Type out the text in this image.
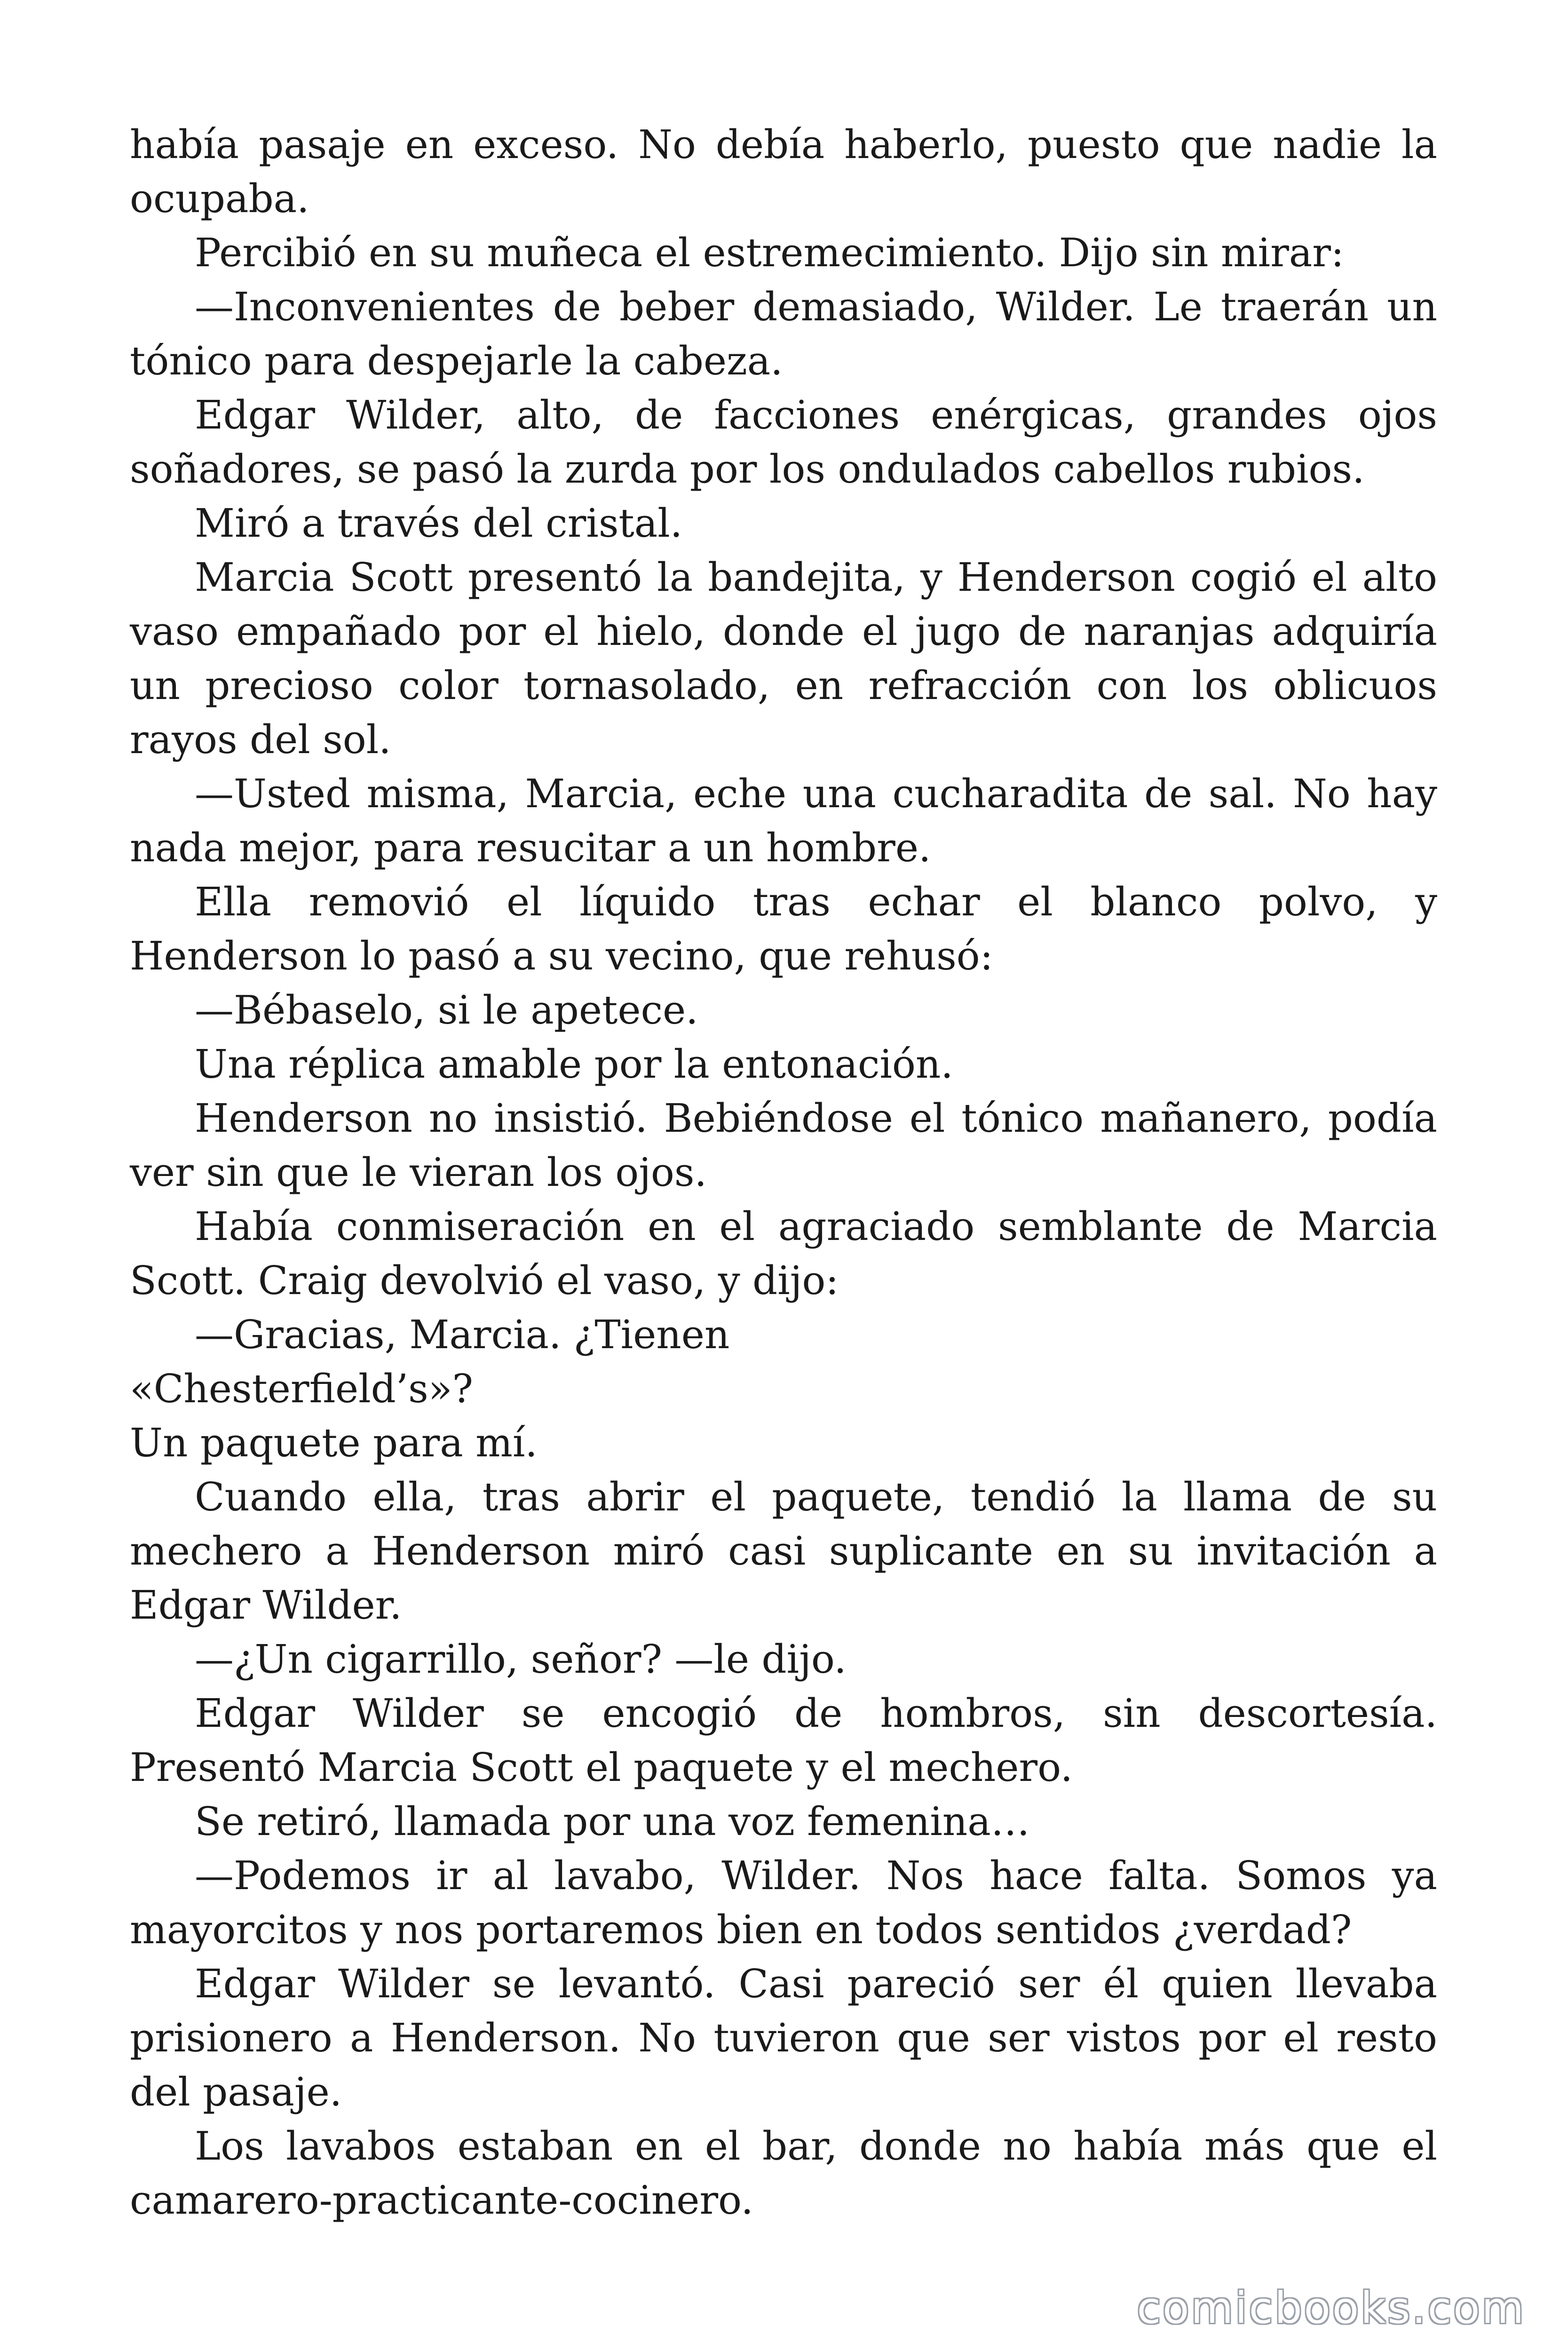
había pasaje en exceso. No debía haberlo, puesto que nadie la ocupaba.

Percibió en su muñeca el estremecimiento. Dijo sin mirar:

—Inconvenientes de beber demasiado, Wilder. Le traerán un tónico para despejarle la cabeza.

Edgar Wilder, alto, de facciones enérgicas, grandes ojos soñadores, se pasó la zurda por los ondulados cabellos rubios.

Miró a través del cristal.

Marcia Scott presentó la bandejita, y Henderson cogió el alto vaso empañado por el hielo, donde el jugo de naranjas adquiría un precioso color tornasolado, en refracción con los oblicuos rayos del sol.

—Usted misma, Marcia, eche una cucharadita de sal. No hay nada mejor, para resucitar a un hombre.

Ella removió el líquido tras echar el blanco polvo, y Henderson lo pasó a su vecino, que rehusó:

—Bébaselo, si le apetece.

Una réplica amable por la entonación.

Henderson no insistió. Bebiéndose el tónico mañanero, podía ver sin que le vieran los ojos.

Había conmiseración en el agraciado semblante de Marcia Scott. Craig devolvió el vaso, y dijo:

—Gracias, Marcia. ¿Tienen

«Chesterfield’s»?

Un paquete para mí.

Cuando ella, tras abrir el paquete, tendió la llama de su mechero a Henderson miró casi suplicante en su invitación a Edgar Wilder.

—¿Un cigarrillo, señor? —le dijo.

Edgar Wilder se encogió de hombros, sin descortesía. Presentó Marcia Scott el paquete y el mechero.

Se retiró, llamada por una voz femenina…

—Podemos ir al lavabo, Wilder. Nos hace falta. Somos ya mayorcitos y nos portaremos bien en todos sentidos ¿verdad?

Edgar Wilder se levantó. Casi pareció ser él quien llevaba prisionero a Henderson. No tuvieron que ser vistos por el resto del pasaje.

Los lavabos estaban en el bar, donde no había más que el camarero-practicante-cocinero.

comicbooks.com
